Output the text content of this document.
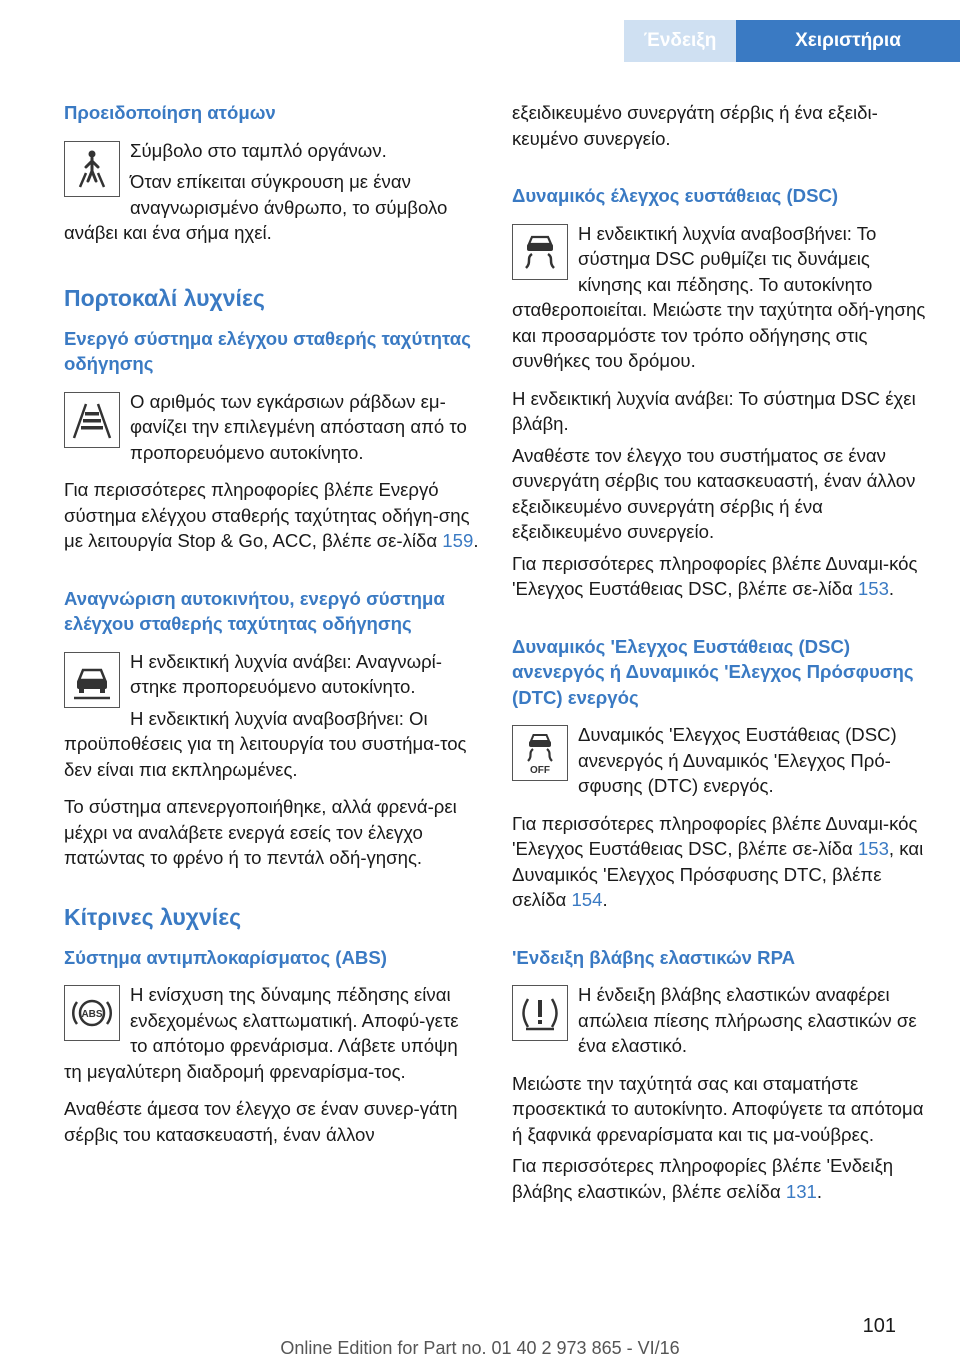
Ένδειξη	Χειριστήρια
Προειδοποίηση ατόμων
Σύμβολο στο ταμπλό οργάνων.
Όταν επίκειται σύγκρουση με έναν αναγνωρισμένο άνθρωπο, το σύμβολο ανάβει και ένα σήμα ηχεί.
Πορτοκαλί λυχνίες
Ενεργό σύστημα ελέγχου σταθερής ταχύτητας οδήγησης
Ο αριθμός των εγκάρσιων ράβδων εμ‐φανίζει την επιλεγμένη απόσταση από το προπορευόμενο αυτοκίνητο.
Για περισσότερες πληροφορίες βλέπε Ενεργό σύστημα ελέγχου σταθερής ταχύτητας οδήγη‐σης με λειτουργία Stop & Go, ACC, βλέπε σε‐λίδα 159.
Αναγνώριση αυτοκινήτου, ενεργό σύστημα ελέγχου σταθερής ταχύτητας οδήγησης
Η ενδεικτική λυχνία ανάβει: Αναγνωρί‐στηκε προπορευόμενο αυτοκίνητο.
Η ενδεικτική λυχνία αναβοσβήνει: Οι προϋποθέσεις για τη λειτουργία του συστήμα‐τος δεν είναι πια εκπληρωμένες.
Το σύστημα απενεργοποιήθηκε, αλλά φρενά‐ρει μέχρι να αναλάβετε ενεργά εσείς τον έλεγχο πατώντας το φρένο ή το πεντάλ οδή‐γησης.
Κίτρινες λυχνίες
Σύστημα αντιμπλοκαρίσματος (ABS)
ABS
Η ενίσχυση της δύναμης πέδησης είναι ενδεχομένως ελαττωματική. Αποφύ‐γετε το απότομο φρενάρισμα. Λάβετε υπόψη τη μεγαλύτερη διαδρομή φρεναρίσμα‐τος.
Αναθέστε άμεσα τον έλεγχο σε έναν συνερ‐γάτη σέρβις του κατασκευαστή, έναν άλλον
εξειδικευμένο συνεργάτη σέρβις ή ένα εξειδι‐κευμένο συνεργείο.
Δυναμικός έλεγχος ευστάθειας (DSC)
Η ενδεικτική λυχνία αναβοσβήνει: Το σύστημα DSC ρυθμίζει τις δυνάμεις κίνησης και πέδησης. Το αυτοκίνητο σταθεροποιείται. Μειώστε την ταχύτητα οδή‐γησης και προσαρμόστε τον τρόπο οδήγησης στις συνθήκες του δρόμου.
Η ενδεικτική λυχνία ανάβει: Το σύστημα DSC έχει βλάβη.
Αναθέστε τον έλεγχο του συστήματος σε έναν συνεργάτη σέρβις του κατασκευαστή, έναν άλλον εξειδικευμένο συνεργάτη σέρβις ή ένα εξειδικευμένο συνεργείο.
Για περισσότερες πληροφορίες βλέπε Δυναμι‐κός 'Ελεγχος Ευστάθειας DSC, βλέπε σε‐λίδα 153.
Δυναμικός 'Ελεγχος Ευστάθειας (DSC) ανενεργός ή Δυναμικός 'Ελεγχος Πρόσφυσης (DTC) ενεργός
OFF
Δυναμικός 'Ελεγχος Ευστάθειας (DSC) ανενεργός ή Δυναμικός 'Ελεγχος Πρό‐σφυσης (DTC) ενεργός.
Για περισσότερες πληροφορίες βλέπε Δυναμι‐κός 'Ελεγχος Ευστάθειας DSC, βλέπε σε‐λίδα 153, και Δυναμικός 'Ελεγχος Πρόσφυσης DTC, βλέπε σελίδα 154.
'Ενδειξη βλάβης ελαστικών RPA
Η ένδειξη βλάβης ελαστικών αναφέρει απώλεια πίεσης πλήρωσης ελαστικών σε ένα ελαστικό.
Μειώστε την ταχύτητά σας και σταματήστε προσεκτικά το αυτοκίνητο. Αποφύγετε τα απότομα ή ξαφνικά φρεναρίσματα και τις μα‐νούβρες.
Για περισσότερες πληροφορίες βλέπε 'Ενδειξη βλάβης ελαστικών, βλέπε σελίδα 131.
101
Online Edition for Part no. 01 40 2 973 865 - VI/16
